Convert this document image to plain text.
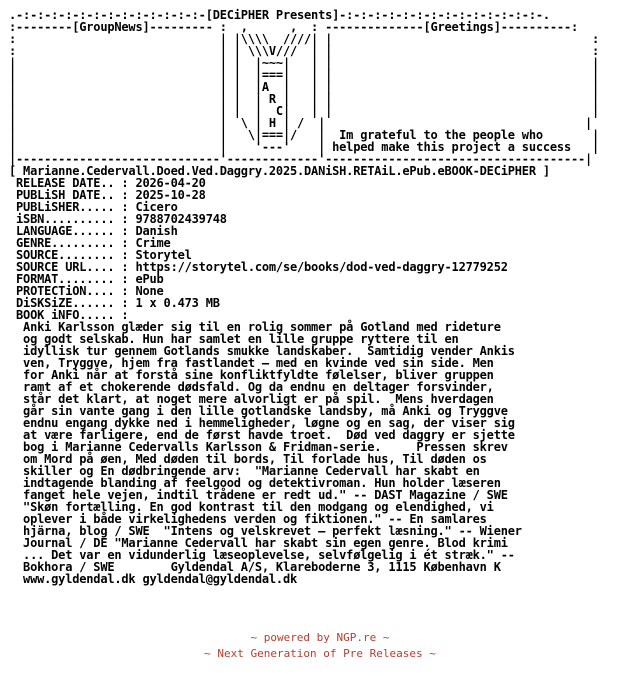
.-:-:-:-:-:-:-:-:-:-:-:-:-:-[DECiPHER Presents]-:-:-:-:-:-:-:-:-:-:-:-:-:-:-.
:--------[GroupNews]--------- :  ,      ,  : --------------[Greetings]----------:
:                             | |\\\\  ////| |                                     :
:                             | | \\\V///  | |                                     :
|                             | |  |~~~|   | |                                     |
|                             | |  |===|   | |                                     |
|                             | |  |A  |   | |                                     |
|                             | |  | R |   | |                                     |
|                             | |  |  C|   | |                                     |
|                             |  \ | H | /  |                                     |
|                             |   \|===|/   |  Im grateful to the people who       |
|                             |    '---'    | helped make this project a success   |
|-----------------------------'-------------'-------------------------------------|
[ Marianne.Cedervall.Doed.Ved.Daggry.2025.DANiSH.RETAiL.ePub.eBOOK-DECiPHER ]
RELEASE DATE.. : 2026-04-20
PUBLiSH DATE.. : 2025-10-28
PUBLiSHER..... : Cicero
iSBN.......... : 9788702439748
LANGUAGE...... : Danish
GENRE......... : Crime
SOURCE........ : Storytel
SOURCE URL.... : https://storytel.com/se/books/dod-ved-daggry-12779252
FORMAT........ : ePub
PROTECTiON.... : None
DiSKSiZE...... : 1 x 0.473 MB
BOOK iNFO..... :
Anki Karlsson glæder sig til en rolig sommer på Gotland med rideture
og godt selskab. Hun har samlet en lille gruppe ryttere til en
idyllisk tur gennem Gotlands smukke landskaber.  Samtidig vender Ankis
ven, Tryggve, hjem fra fastlandet – med en kvinde ved sin side. Men
for Anki når at forstå sine konfliktfyldte følelser, bliver gruppen
ramt af et chokerende dødsfald. Og da endnu en deltager forsvinder,
står det klart, at noget mere alvorligt er på spil.  Mens hverdagen
går sin vante gang i den lille gotlandske landsby, må Anki og Tryggve
endnu engang dykke ned i hemmeligheder, løgne og en sag, der viser sig
at være farligere, end de først havde troet.  Død ved daggry er sjette
bog i Marianne Cedervalls Karlsson & Fridman-serie.     Pressen skrev
om Mord på øen, Med døden til bords, Til forlade hus, Til døden os
skiller og En dødbringende arv:  "Marianne Cedervall har skabt en
indtagende blanding af feelgood og detektivroman. Hun holder læseren
fanget hele vejen, indtil trådene er redt ud." -- DAST Magazine / SWE
"Skøn fortælling. En god kontrast til den modgang og elendighed, vi
oplever i både virkelighedens verden og fiktionen." -- En samlares
hjärna, blog / SWE  "Intens og velskrevet – perfekt læsning." -- Wiener
Journal / DE "Marianne Cedervall har skabt sin egen genre. Blod krimi
... Det var en vidunderlig læseoplevelse, selvfølgelig i ét stræk." --
Bokhora / SWE        Gyldendal A/S, Klareboderne 3, 1115 København K
www.gyldendal.dk gyldendal@gyldendal.dk
~ powered by NGP.re ~
~ Next Generation of Pre Releases ~
